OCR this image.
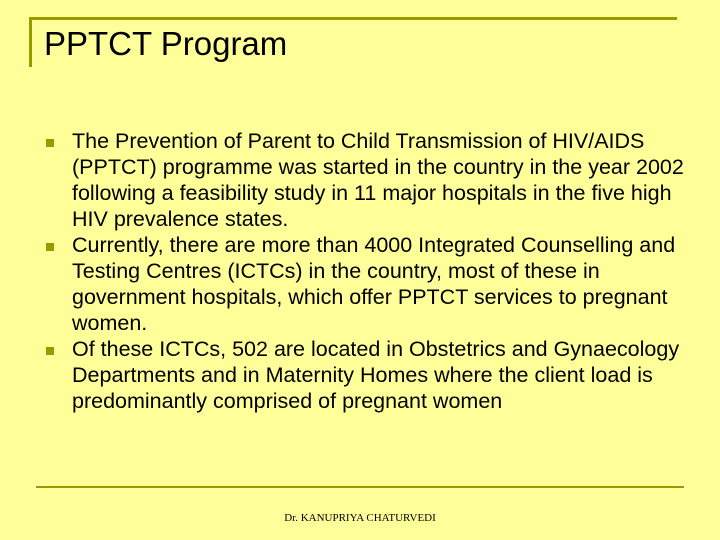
PPTCT Program
The Prevention of Parent to Child Transmission of HIV/AIDS (PPTCT) programme was started in the country in the year 2002 following a feasibility study in 11 major hospitals in the five high HIV prevalence states.
Currently, there are more than 4000 Integrated Counselling and Testing Centres (ICTCs) in the country, most of these in government hospitals, which offer PPTCT services to pregnant women.
Of these ICTCs, 502 are located in Obstetrics and Gynaecology Departments and in Maternity Homes where the client load is predominantly comprised of pregnant women
Dr. KANUPRIYA CHATURVEDI
